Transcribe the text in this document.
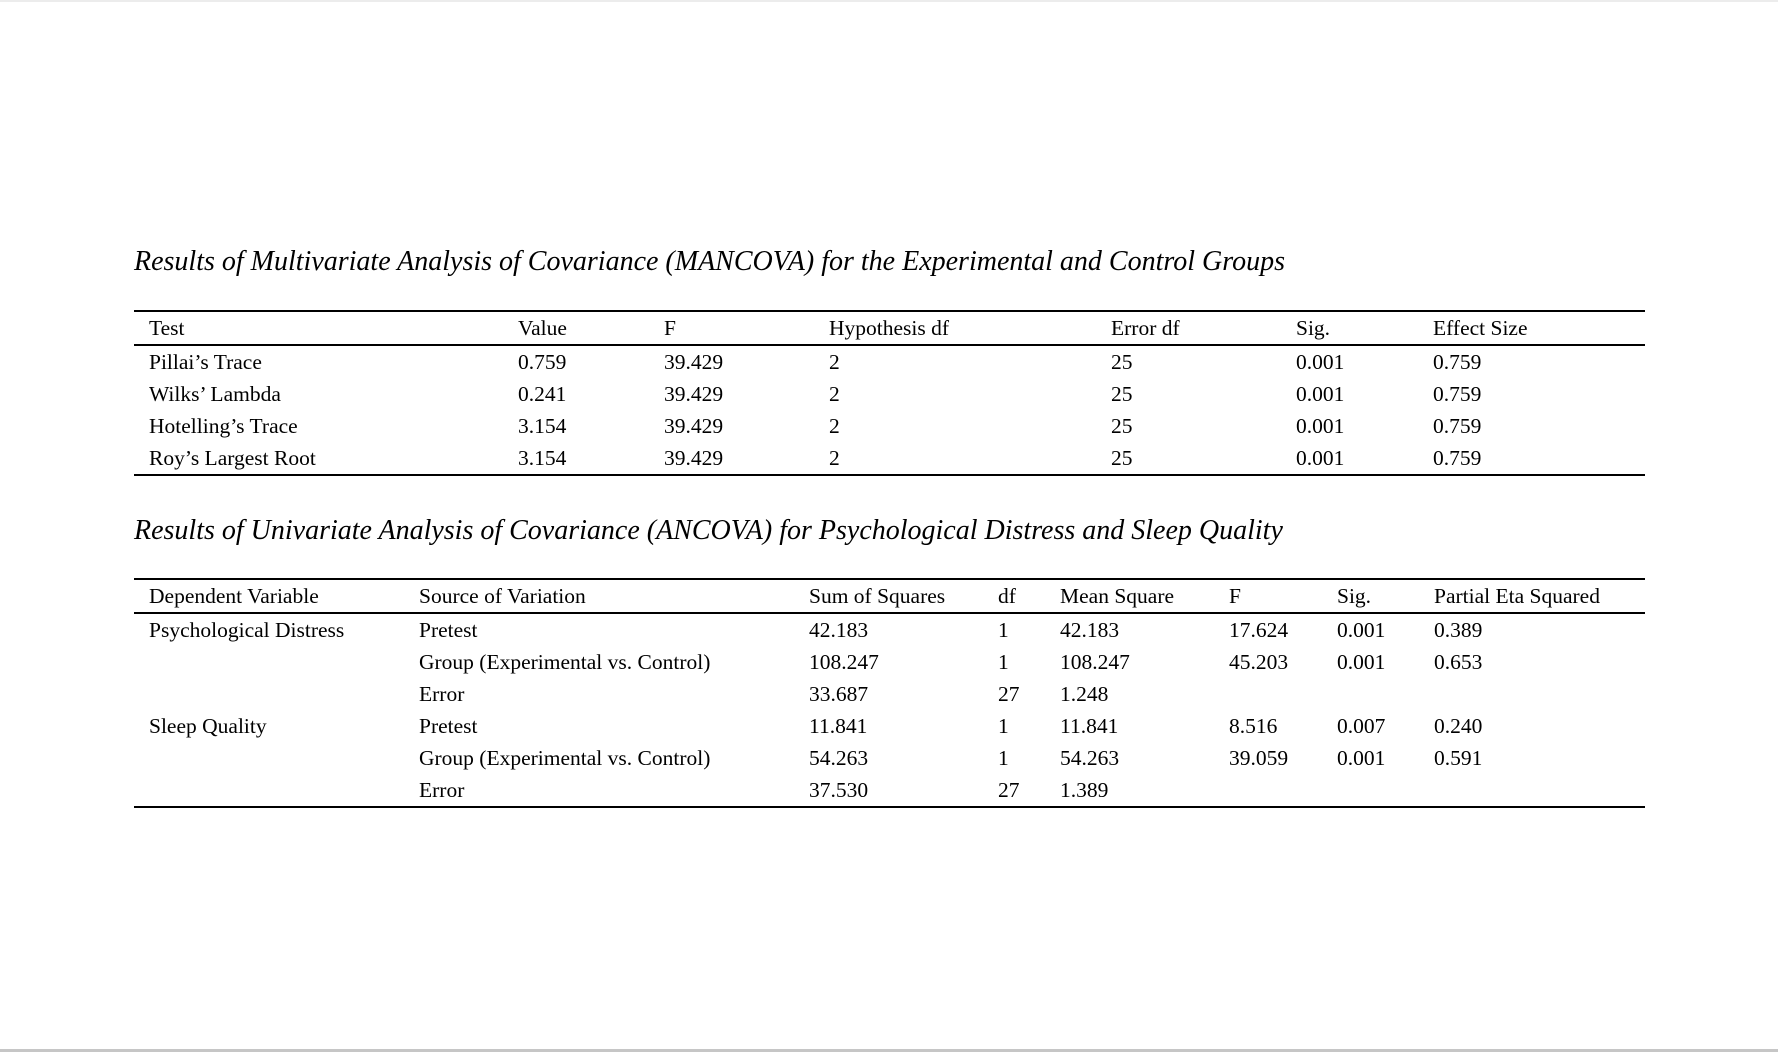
Results of Multivariate Analysis of Covariance (MANCOVA) for the Experimental and Control Groups
Test	Value	F	Hypothesis df	Error df	Sig.	Effect Size
Pillai’s Trace	0.759	39.429	2	25	0.001	0.759
Wilks’ Lambda	0.241	39.429	2	25	0.001	0.759
Hotelling’s Trace	3.154	39.429	2	25	0.001	0.759
Roy’s Largest Root	3.154	39.429	2	25	0.001	0.759
Results of Univariate Analysis of Covariance (ANCOVA) for Psychological Distress and Sleep Quality
Dependent Variable	Source of Variation	Sum of Squares	df	Mean Square	F	Sig.	Partial Eta Squared
Psychological Distress	Pretest	42.183	1	42.183	17.624	0.001	0.389
	Group (Experimental vs. Control)	108.247	1	108.247	45.203	0.001	0.653
	Error	33.687	27	1.248			
Sleep Quality	Pretest	11.841	1	11.841	8.516	0.007	0.240
	Group (Experimental vs. Control)	54.263	1	54.263	39.059	0.001	0.591
	Error	37.530	27	1.389			
